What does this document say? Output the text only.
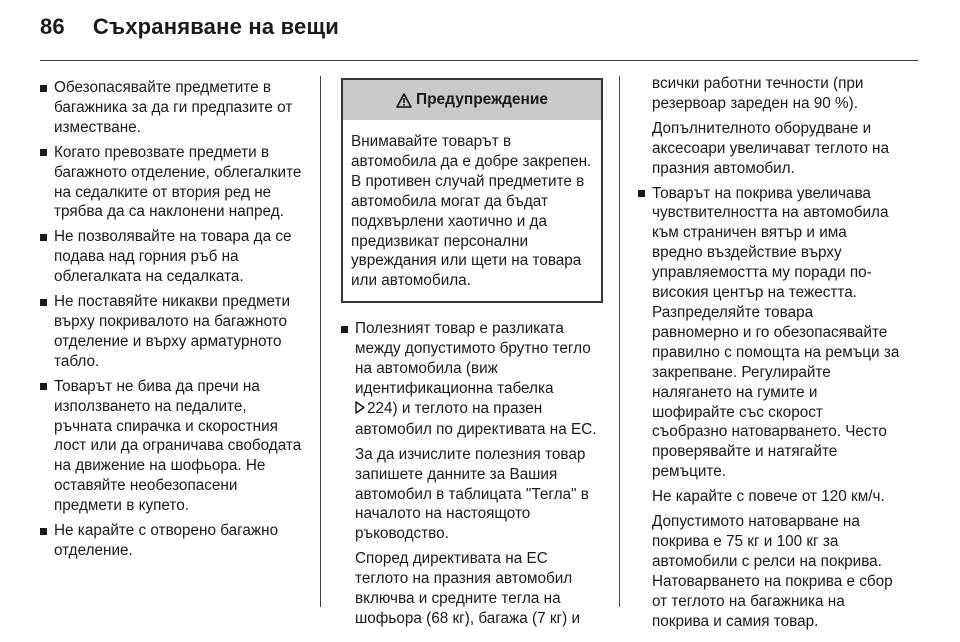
86 Съхраняване на вещи
Обезопасявайте предметите в багажника за да ги предпазите от изместване.
Когато превозвате предмети в багажното отделение, облегалките на седалките от втория ред не трябва да са наклонени напред.
Не позволявайте на товара да се подава над горния ръб на облегалката на седалката.
Не поставяйте никакви предмети върху покривалото на багажното отделение и върху арматурното табло.
Товарът не бива да пречи на използването на педалите, ръчната спирачка и скоростния лост или да ограничава свободата на движение на шофьора. Не оставяйте необезопасени предмети в купето.
Не карайте с отворено багажно отделение.
Предупреждение
Внимавайте товарът в автомобила да е добре закрепен. В противен случай предметите в автомобила могат да бъдат подхвърлени хаотично и да предизвикат персонални увреждания или щети на товара или автомобила.
Полезният товар е разликата между допустимото брутно тегло на автомобила (виж идентификационна табелка
224) и теглото на празен автомобил по директивата на ЕС.
За да изчислите полезния товар запишете данните за Вашия автомобил в таблицата "Тегла" в началото на настоящото ръководство.
Според директивата на ЕС теглото на празния автомобил включва и средните тегла на шофьора (68 кг), багажа (7 кг) и
всички работни течности (при резервоар зареден на 90 %).
Допълнителното оборудване и аксесоари увеличават теглото на празния автомобил.
Товарът на покрива увеличава чувствителността на автомобила към страничен вятър и има вредно въздействие върху управляемостта му поради по-високия център на тежестта. Разпределяйте товара равномерно и го обезопасявайте правилно с помощта на ремъци за закрепване. Регулирайте налягането на гумите и шофирайте със скорост съобразно натоварването. Често проверявайте и натягайте ремъците.
Не карайте с повече от 120 км/ч.
Допустимото натоварване на покрива е 75 кг и 100 кг за автомобили с релси на покрива. Натоварването на покрива е сбор от теглото на багажника на покрива и самия товар.
